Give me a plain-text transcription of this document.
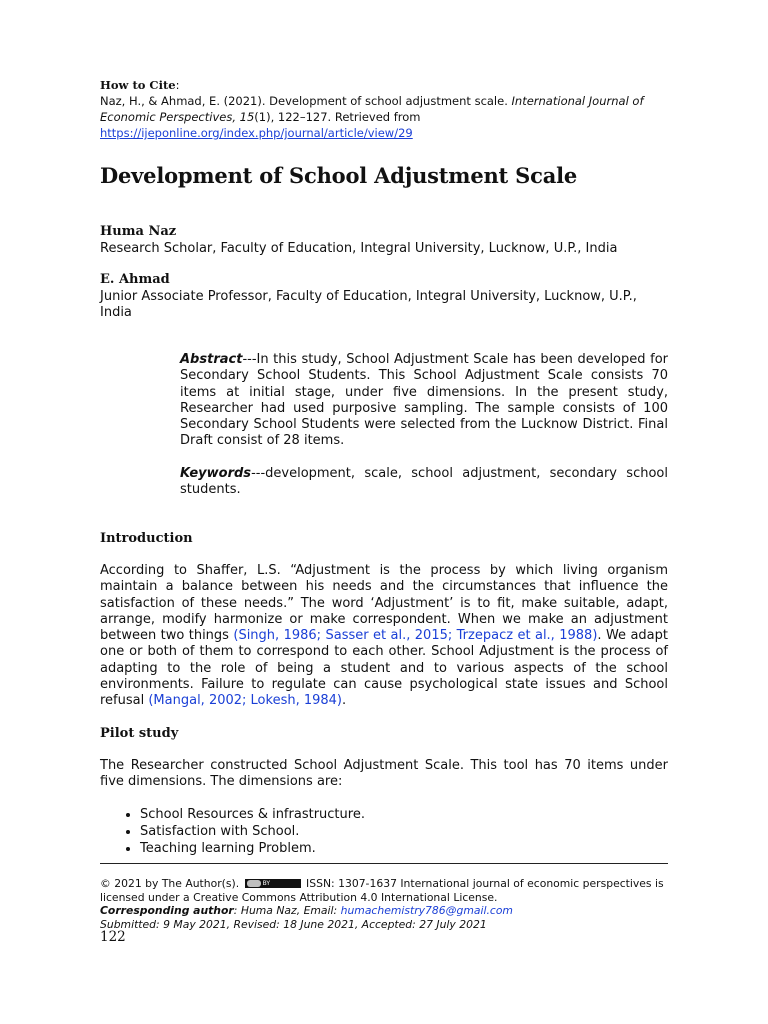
How to Cite:
Naz, H., & Ahmad, E. (2021). Development of school adjustment scale. International Journal of Economic Perspectives, 15(1), 122–127. Retrieved from
https://ijeponline.org/index.php/journal/article/view/29
Development of School Adjustment Scale
Huma Naz
Research Scholar, Faculty of Education, Integral University, Lucknow, U.P., India
E. Ahmad
Junior Associate Professor, Faculty of Education, Integral University, Lucknow, U.P., India
Abstract---In this study, School Adjustment Scale has been developed for Secondary School Students. This School Adjustment Scale consists 70 items at initial stage, under five dimensions. In the present study, Researcher had used purposive sampling. The sample consists of 100 Secondary School Students were selected from the Lucknow District. Final Draft consist of 28 items.
Keywords---development, scale, school adjustment, secondary school students.
Introduction

According to Shaffer, L.S. “Adjustment is the process by which living organism maintain a balance between his needs and the circumstances that influence the satisfaction of these needs.” The word ‘Adjustment’ is to fit, make suitable, adapt, arrange, modify harmonize or make correspondent. When we make an adjustment between two things (Singh, 1986; Sasser et al., 2015; Trzepacz et al., 1988). We adapt one or both of them to correspond to each other. School Adjustment is the process of adapting to the role of being a student and to various aspects of the school environments. Failure to regulate can cause psychological state issues and School refusal (Mangal, 2002; Lokesh, 1984).

Pilot study

The Researcher constructed School Adjustment Scale. This tool has 70 items under five dimensions. The dimensions are:

• School Resources & infrastructure.
• Satisfaction with School.
• Teaching learning Problem.
© 2021 by The Author(s).	BY	ISSN: 1307-1637 International journal of economic perspectives is licensed under a Creative Commons Attribution 4.0 International License.
Corresponding author: Huma Naz, Email: humachemistry786@gmail.com
Submitted: 9 May 2021, Revised: 18 June 2021, Accepted: 27 July 2021
122
